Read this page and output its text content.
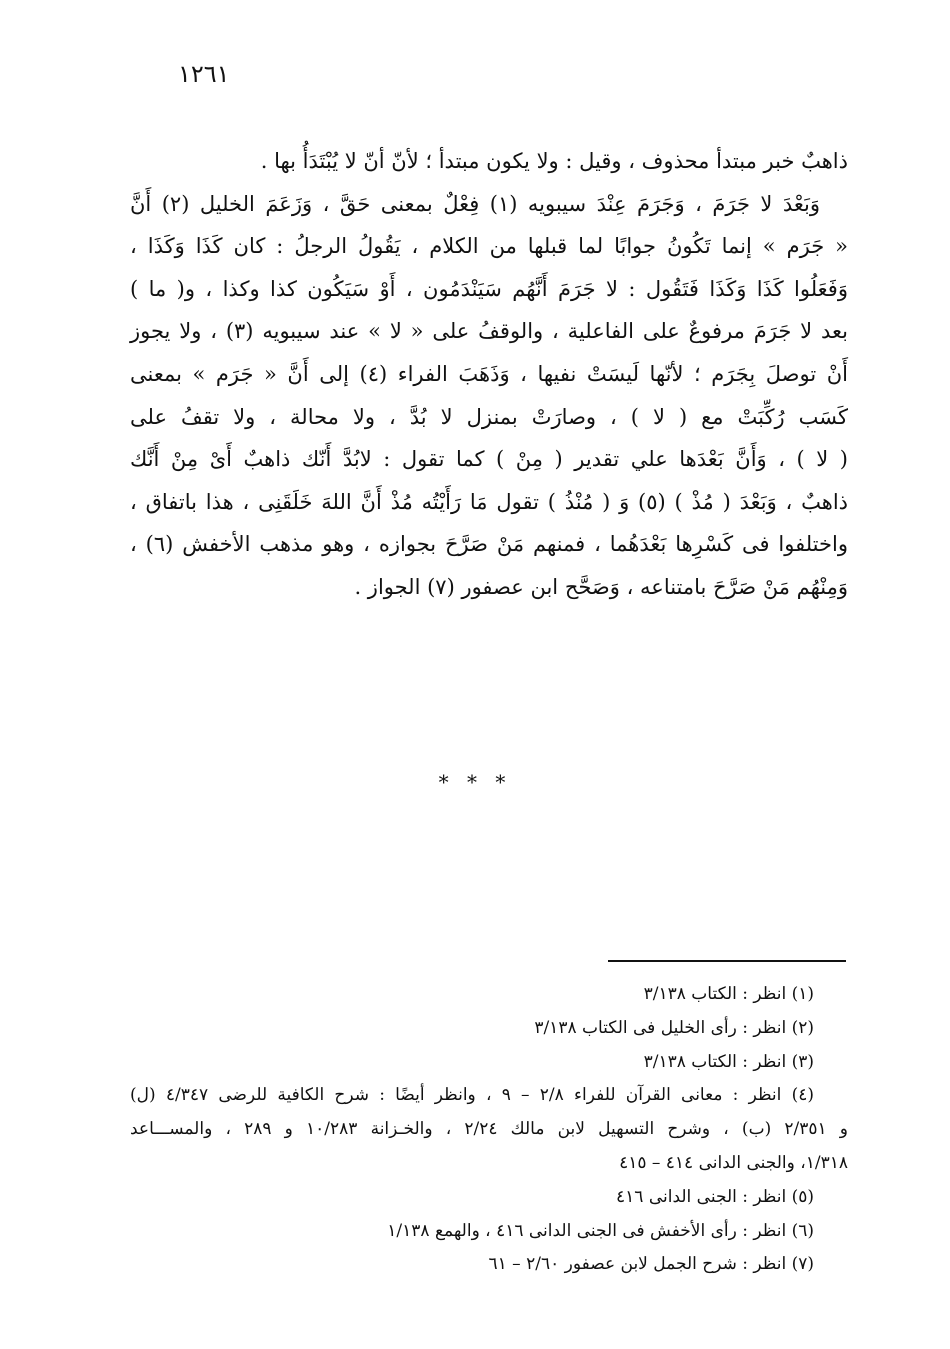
١٢٦١
ذاهبٌ خبر مبتدأ محذوف ، وقيل : ولا يكون مبتدأ ؛ لأنّ أنّ لا يُبْتَدَأُ بها .
وَبَعْدَ لا جَرَمَ ، وَجَرَمَ عِنْدَ سيبويه (١) فِعْلٌ بمعنى حَقَّ ، وَزَعَمَ الخليل (٢) أَنَّ
« جَرَم » إنما تَكُونُ جوابًا لما قبلها من الكلام ، يَقُولُ الرجلُ : كان كَذَا وَكَذَا ،
وَفَعَلُوا كَذَا وَكَذَا فَتَقُول : لا جَرَمَ أَنَّهُم سَيَنْدَمُون ، أَوْ سَيَكُون كذا وكذا ، و( ما )
بعد لا جَرَمَ مرفوعٌ على الفاعلية ، والوقفُ على « لا » عند سيبويه (٣) ، ولا يجوز
أَنْ توصلَ بِجَرَم ؛ لأنّها لَيسَتْ نفيها ، وَذَهَبَ الفراء (٤) إلى أَنَّ « جَرَم » بمعنى
كَسَب رُكِّبَتْ مع ( لا ) ، وصارَتْ بمنزل لا بُدَّ ، ولا محالة ، ولا تقفُ على
( لا ) ، وَأَنَّ بَعْدَها علي تقدير ( مِنْ ) كما تقول : لابُدَّ أَنّك ذاهبٌ أَىْ مِنْ أَنَّك
ذاهبٌ ، وَبَعْدَ ( مُذْ ) (٥) وَ ( مُنْذُ ) تقول مَا رَأَيْتُه مُذْ أَنَّ اللهَ خَلَقَنِى ، هذا باتفاق ،
واختلفوا فى كَسْرِها بَعْدَهُما ، فمنهم مَنْ صَرَّحَ بجوازه ، وهو مذهب الأخفش (٦) ،
وَمِنْهُم مَنْ صَرَّحَ بامتناعه ، وَصَحَّح ابن عصفور (٧) الجواز .
* * *
(١) انظر : الكتاب ٣/١٣٨
(٢) انظر : رأى الخليل فى الكتاب ٣/١٣٨
(٣) انظر : الكتاب ٣/١٣٨
(٤) انظر : معانى القرآن للفراء ٢/٨ – ٩ ، وانظر أيضًا : شرح الكافية للرضى ٤/٣٤٧ (ل)
و ٢/٣٥١ (ب) ، وشرح التسهيل لابن مالك ٢/٢٤ ، والخـزانة ١٠/٢٨٣ و ٢٨٩ ، والمســـاعد
١/٣١٨، والجنى الدانى ٤١٤ – ٤١٥
(٥) انظر : الجنى الدانى ٤١٦
(٦) انظر : رأى الأخفش فى الجنى الدانى ٤١٦ ، والهمع ١/١٣٨
(٧) انظر : شرح الجمل لابن عصفور ٢/٦٠ – ٦١
